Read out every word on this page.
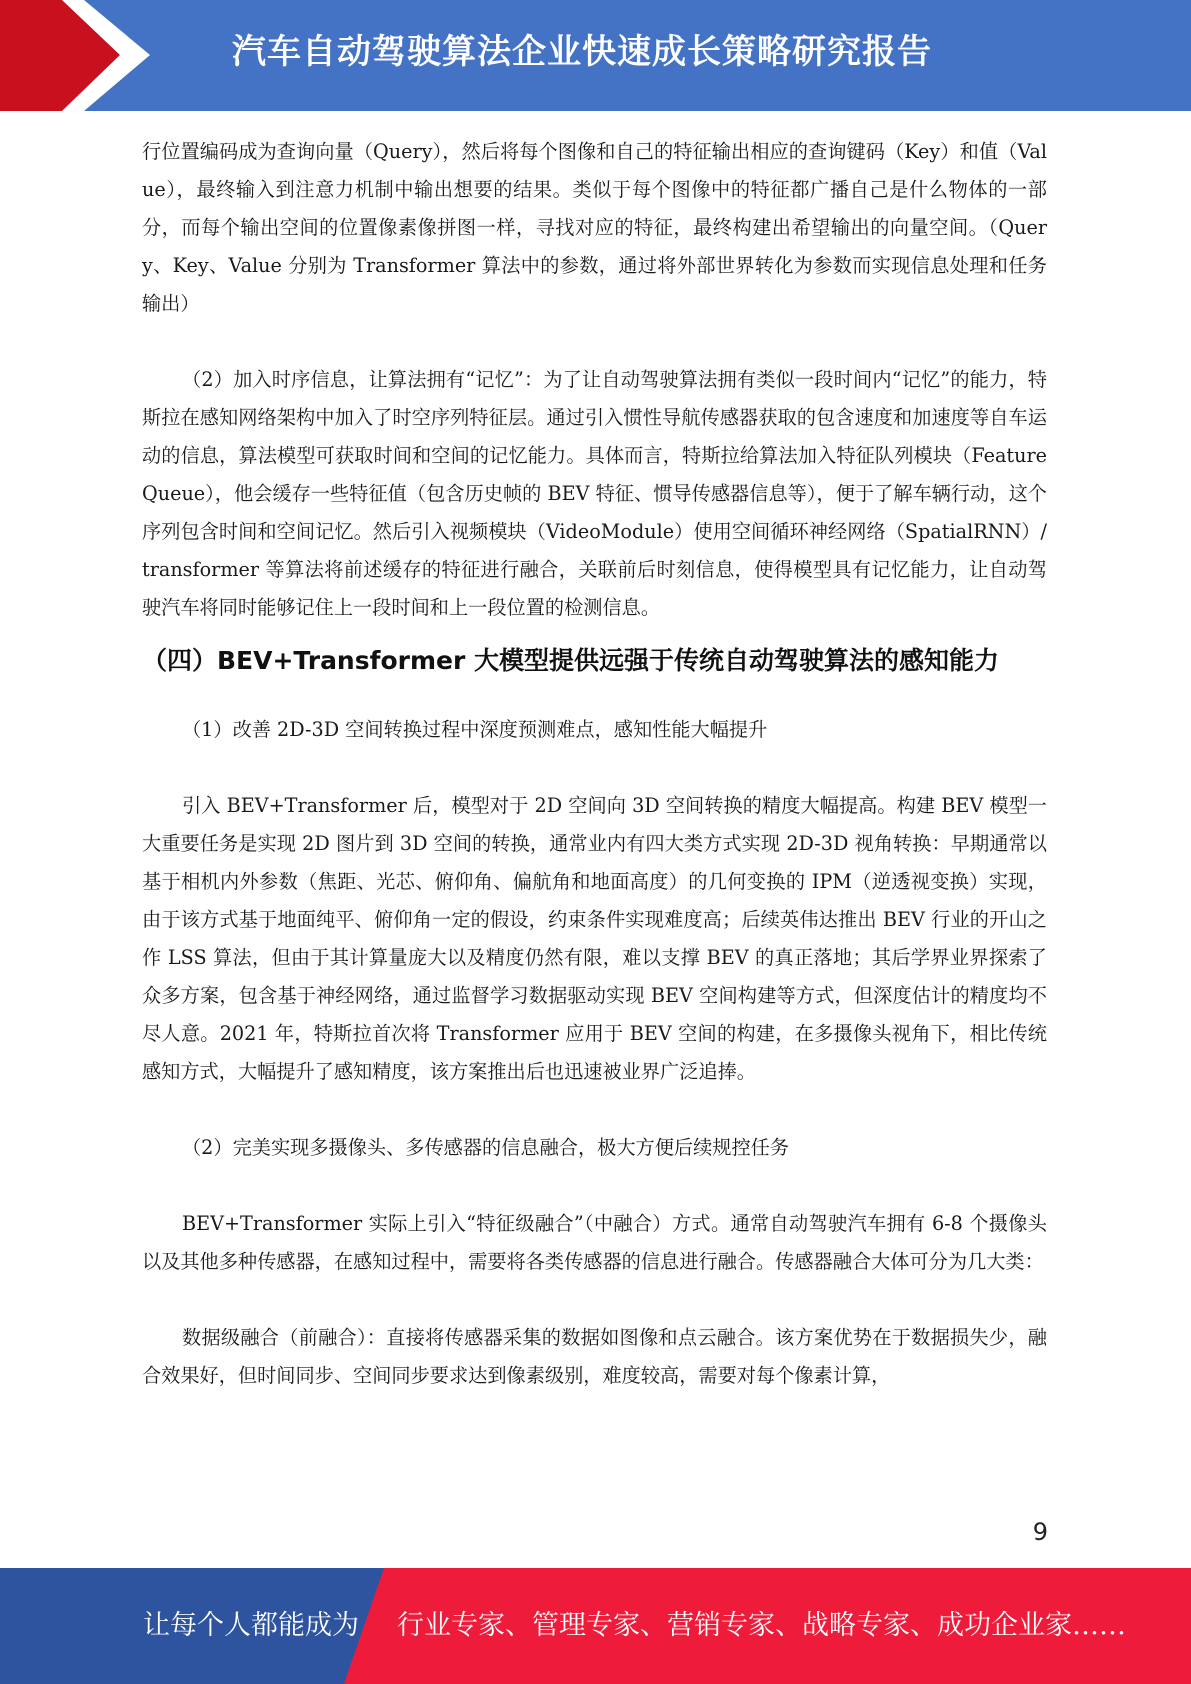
汽车自动驾驶算法企业快速成长策略研究报告

行位置编码成为查询向量（Query），然后将每个图像和自己的特征输出相应的查询键码（Key）和值（Value），最终输入到注意力机制中输出想要的结果。类似于每个图像中的特征都广播自己是什么物体的一部分，而每个输出空间的位置像素像拼图一样，寻找对应的特征，最终构建出希望输出的向量空间。（Query、Key、Value 分别为 Transformer 算法中的参数，通过将外部世界转化为参数而实现信息处理和任务输出）

（2）加入时序信息，让算法拥有“记忆”：为了让自动驾驶算法拥有类似一段时间内“记忆”的能力，特斯拉在感知网络架构中加入了时空序列特征层。通过引入惯性导航传感器获取的包含速度和加速度等自车运动的信息，算法模型可获取时间和空间的记忆能力。具体而言，特斯拉给算法加入特征队列模块（FeatureQueue），他会缓存一些特征值（包含历史帧的 BEV 特征、惯导传感器信息等），便于了解车辆行动，这个序列包含时间和空间记忆。然后引入视频模块（VideoModule）使用空间循环神经网络（SpatialRNN）/transformer 等算法将前述缓存的特征进行融合，关联前后时刻信息，使得模型具有记忆能力，让自动驾驶汽车将同时能够记住上一段时间和上一段位置的检测信息。

（四）BEV+Transformer 大模型提供远强于传统自动驾驶算法的感知能力

（1）改善 2D-3D 空间转换过程中深度预测难点，感知性能大幅提升

引入 BEV+Transformer 后，模型对于 2D 空间向 3D 空间转换的精度大幅提高。构建 BEV 模型一大重要任务是实现 2D 图片到 3D 空间的转换，通常业内有四大类方式实现 2D-3D 视角转换：早期通常以基于相机内外参数（焦距、光芯、俯仰角、偏航角和地面高度）的几何变换的 IPM（逆透视变换）实现，由于该方式基于地面纯平、俯仰角一定的假设，约束条件实现难度高；后续英伟达推出 BEV 行业的开山之作 LSS 算法，但由于其计算量庞大以及精度仍然有限，难以支撑 BEV 的真正落地；其后学界业界探索了众多方案，包含基于神经网络，通过监督学习数据驱动实现 BEV 空间构建等方式，但深度估计的精度均不尽人意。2021 年，特斯拉首次将 Transformer 应用于 BEV 空间的构建，在多摄像头视角下，相比传统感知方式，大幅提升了感知精度，该方案推出后也迅速被业界广泛追捧。

（2）完美实现多摄像头、多传感器的信息融合，极大方便后续规控任务

BEV+Transformer 实际上引入“特征级融合”（中融合）方式。通常自动驾驶汽车拥有 6-8 个摄像头以及其他多种传感器，在感知过程中，需要将各类传感器的信息进行融合。传感器融合大体可分为几大类：

数据级融合（前融合）：直接将传感器采集的数据如图像和点云融合。该方案优势在于数据损失少，融合效果好，但时间同步、空间同步要求达到像素级别，难度较高，需要对每个像素计算，

9
让每个人都能成为 行业专家、管理专家、营销专家、战略专家、成功企业家……
